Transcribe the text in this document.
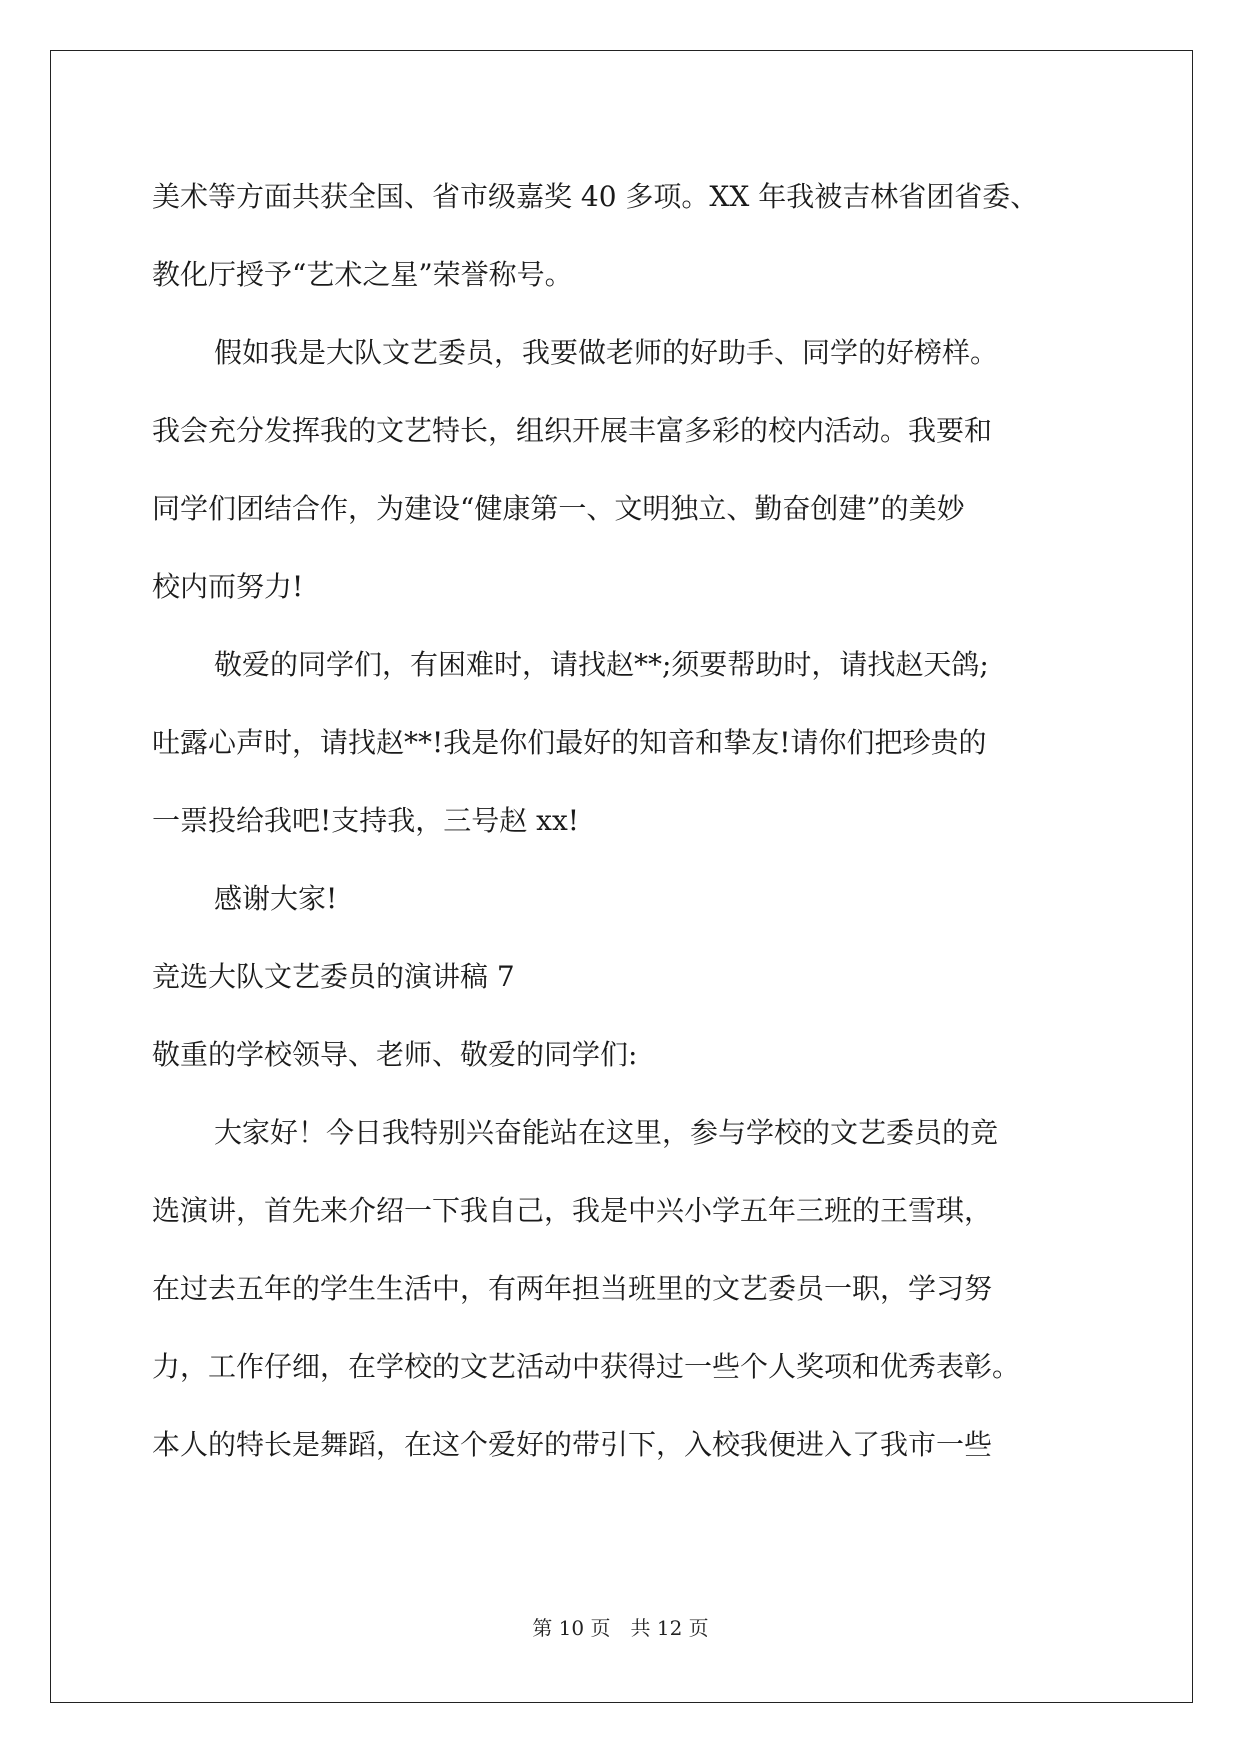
美术等方面共获全国、省市级嘉奖 40 多项。XX 年我被吉林省团省委、
教化厅授予“艺术之星”荣誉称号。
假如我是大队文艺委员，我要做老师的好助手、同学的好榜样。
我会充分发挥我的文艺特长，组织开展丰富多彩的校内活动。我要和
同学们团结合作，为建设“健康第一、文明独立、勤奋创建”的美妙
校内而努力!
敬爱的同学们，有困难时，请找赵**;须要帮助时，请找赵天鸽;
吐露心声时，请找赵**!我是你们最好的知音和挚友!请你们把珍贵的
一票投给我吧!支持我，三号赵 xx!
感谢大家!
竞选大队文艺委员的演讲稿 7
敬重的学校领导、老师、敬爱的同学们:
大家好！今日我特别兴奋能站在这里，参与学校的文艺委员的竞
选演讲，首先来介绍一下我自己，我是中兴小学五年三班的王雪琪，
在过去五年的学生生活中，有两年担当班里的文艺委员一职，学习努
力，工作仔细，在学校的文艺活动中获得过一些个人奖项和优秀表彰。
本人的特长是舞蹈，在这个爱好的带引下，入校我便进入了我市一些
第 10 页　共 12 页
